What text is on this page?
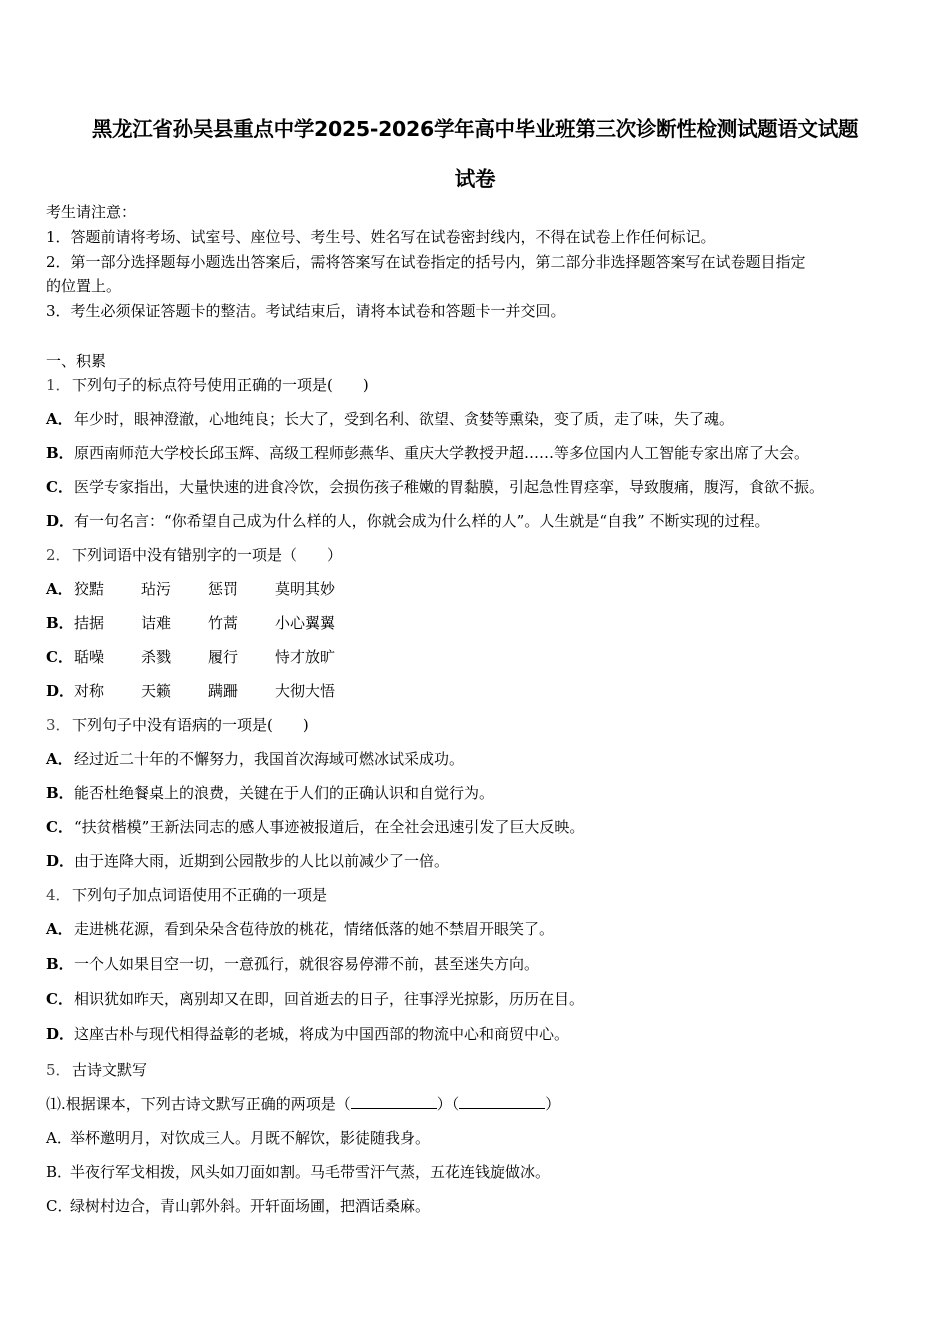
黑龙江省孙吴县重点中学2025-2026学年高中毕业班第三次诊断性检测试题语文试题
试卷
考生请注意：
1．答题前请将考场、试室号、座位号、考生号、姓名写在试卷密封线内，不得在试卷上作任何标记。
2．第一部分选择题每小题选出答案后，需将答案写在试卷指定的括号内，第二部分非选择题答案写在试卷题目指定
的位置上。
3．考生必须保证答题卡的整洁。考试结束后，请将本试卷和答题卡一并交回。
一、积累
1．下列句子的标点符号使用正确的一项是(　　)
A．年少时，眼神澄澈，心地纯良；长大了，受到名利、欲望、贪婪等熏染，变了质，走了味，失了魂。
B．原西南师范大学校长邱玉辉、高级工程师彭燕华、重庆大学教授尹超……等多位国内人工智能专家出席了大会。
C．医学专家指出，大量快速的进食冷饮，会损伤孩子稚嫩的胃黏膜，引起急性胃痉挛，导致腹痛，腹泻，食欲不振。
D．有一句名言：“你希望自己成为什么样的人，你就会成为什么样的人”。人生就是“自我” 不断实现的过程。
2．下列词语中没有错别字的一项是（　　）
A．狡黠 玷污 惩罚 莫明其妙
B．拮据 诘难 竹蒿 小心翼翼
C．聒噪 杀戮 履行 恃才放旷
D．对称 天籁 蹒跚 大彻大悟
3．下列句子中没有语病的一项是(　　)
A．经过近二十年的不懈努力，我国首次海域可燃冰试采成功。
B．能否杜绝餐桌上的浪费，关键在于人们的正确认识和自觉行为。
C．“扶贫楷模”王新法同志的感人事迹被报道后，在全社会迅速引发了巨大反映。
D．由于连降大雨，近期到公园散步的人比以前减少了一倍。
4．下列句子加点词语使用不正确的一项是
A．走进桃花源，看到朵朵含苞待放的桃花，情绪低落的她不禁眉开眼笑了。
B．一个人如果目空一切，一意孤行，就很容易停滞不前，甚至迷失方向。
C．相识犹如昨天，离别却又在即，回首逝去的日子，往事浮光掠影，历历在目。
D．这座古朴与现代相得益彰的老城，将成为中国西部的物流中心和商贸中心。
5．古诗文默写
⑴.根据课本，下列古诗文默写正确的两项是（	）（	）
A．举杯邀明月，对饮成三人。月既不解饮，影徒随我身。
B．半夜行军戈相拨，风头如刀面如割。马毛带雪汗气蒸，五花连钱旋做冰。
C．绿树村边合，青山郭外斜。开轩面场圃，把酒话桑麻。
